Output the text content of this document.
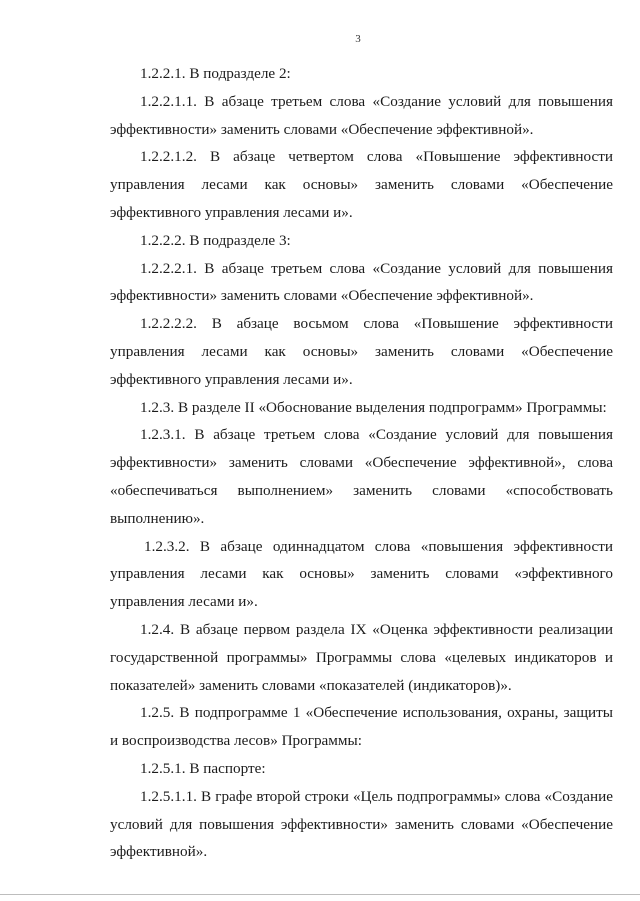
3

1.2.2.1. В подразделе 2:

1.2.2.1.1. В абзаце третьем слова «Создание условий для повышения эффективности» заменить словами «Обеспечение эффективной».

1.2.2.1.2. В абзаце четвертом слова «Повышение эффективности управления лесами как основы» заменить словами «Обеспечение эффективного управления лесами и».

1.2.2.2. В подразделе 3:

1.2.2.2.1. В абзаце третьем слова «Создание условий для повышения эффективности» заменить словами «Обеспечение эффективной».

1.2.2.2.2. В абзаце восьмом слова «Повышение эффективности управления лесами как основы» заменить словами «Обеспечение эффективного управления лесами и».

1.2.3. В разделе II «Обоснование выделения подпрограмм» Программы:

1.2.3.1. В абзаце третьем слова «Создание условий для повышения эффективности» заменить словами «Обеспечение эффективной», слова «обеспечиваться выполнением» заменить словами «способствовать выполнению».

1.2.3.2. В абзаце одиннадцатом слова «повышения эффективности управления лесами как основы» заменить словами «эффективного управления лесами и».

1.2.4. В абзаце первом раздела IX «Оценка эффективности реализации государственной программы» Программы слова «целевых индикаторов и показателей» заменить словами «показателей (индикаторов)».

1.2.5. В подпрограмме 1 «Обеспечение использования, охраны, защиты и воспроизводства лесов» Программы:

1.2.5.1. В паспорте:

1.2.5.1.1. В графе второй строки «Цель подпрограммы» слова «Создание условий для повышения эффективности» заменить словами «Обеспечение эффективной».
